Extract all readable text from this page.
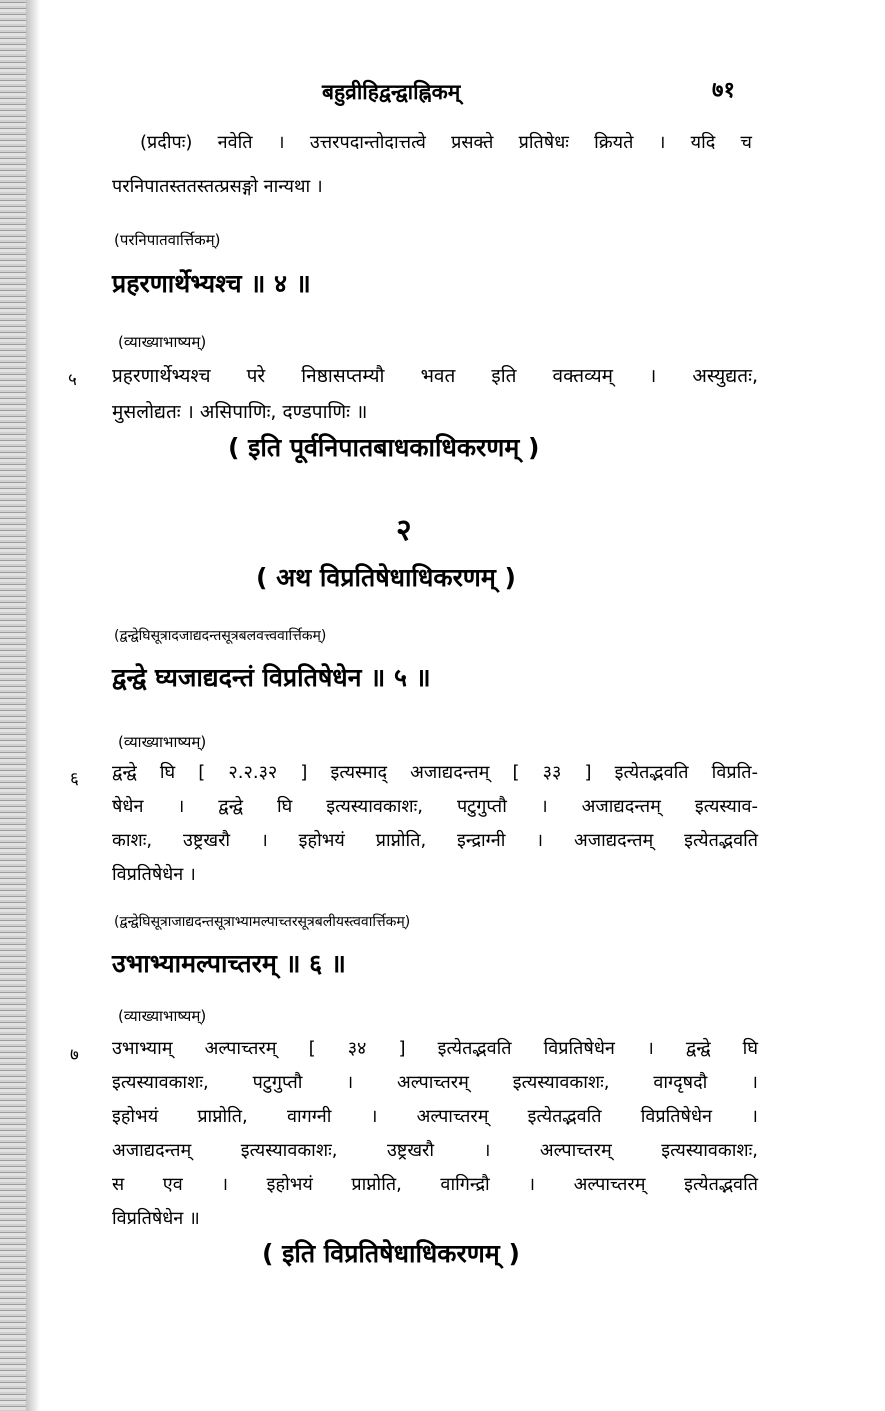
बहुव्रीहिद्वन्द्वाह्निकम्	७१
(प्रदीपः) नवेति । उत्तरपदान्तोदात्तत्वे प्रसक्ते प्रतिषेधः क्रियते । यदि च
परनिपातस्ततस्तत्प्रसङ्गो नान्यथा ।
(परनिपातवार्त्तिकम्)
प्रहरणार्थेभ्यश्च ॥ ४ ॥
(व्याख्याभाष्यम्)
५ प्रहरणार्थेभ्यश्च परे निष्ठासप्तम्यौ भवत इति वक्तव्यम् । अस्युद्यतः,
मुसलोद्यतः । असिपाणिः, दण्डपाणिः ॥
( इति पूर्वनिपातबाधकाधिकरणम् )
२
( अथ विप्रतिषेधाधिकरणम् )
(द्वन्द्वेघिसूत्रादजाद्यदन्तसूत्रबलवत्त्ववार्त्तिकम्)
द्वन्द्वे घ्यजाद्यदन्तं विप्रतिषेधेन ॥ ५ ॥
(व्याख्याभाष्यम्)
६ द्वन्द्वे घि [ २.२.३२ ] इत्यस्माद् अजाद्यदन्तम् [ ३३ ] इत्येतद्भवति विप्रति-
षेधेन । द्वन्द्वे घि इत्यस्यावकाशः, पटुगुप्तौ । अजाद्यदन्तम् इत्यस्याव-
काशः, उष्ट्रखरौ । इहोभयं प्राप्नोति, इन्द्राग्नी । अजाद्यदन्तम् इत्येतद्भवति
विप्रतिषेधेन ।
(द्वन्द्वेघिसूत्राजाद्यदन्तसूत्राभ्यामल्पाच्तरसूत्रबलीयस्त्ववार्त्तिकम्)
उभाभ्यामल्पाच्तरम् ॥ ६ ॥
(व्याख्याभाष्यम्)
७ उभाभ्याम् अल्पाच्तरम् [ ३४ ] इत्येतद्भवति विप्रतिषेधेन । द्वन्द्वे घि
इत्यस्यावकाशः, पटुगुप्तौ । अल्पाच्तरम् इत्यस्यावकाशः, वाग्दृषदौ ।
इहोभयं प्राप्नोति, वागग्नी । अल्पाच्तरम् इत्येतद्भवति विप्रतिषेधेन ।
अजाद्यदन्तम् इत्यस्यावकाशः, उष्ट्रखरौ । अल्पाच्तरम् इत्यस्यावकाशः,
स एव । इहोभयं प्राप्नोति, वागिन्द्रौ । अल्पाच्तरम् इत्येतद्भवति
विप्रतिषेधेन ॥
( इति विप्रतिषेधाधिकरणम् )
